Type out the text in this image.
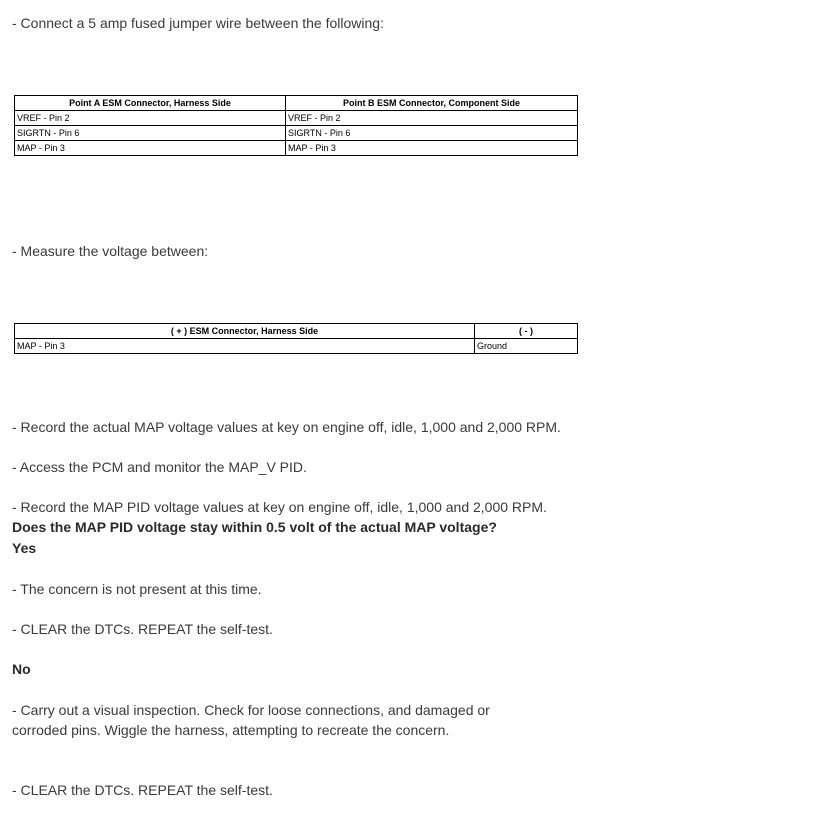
- Connect a 5 amp fused jumper wire between the following:
Point A ESM Connector, Harness Side	Point B ESM Connector, Component Side
VREF - Pin 2	VREF - Pin 2
SIGRTN - Pin 6	SIGRTN - Pin 6
MAP - Pin 3	MAP - Pin 3
- Measure the voltage between:
( + ) ESM Connector, Harness Side	( - )
MAP - Pin 3	Ground
- Record the actual MAP voltage values at key on engine off, idle, 1,000 and 2,000 RPM.
- Access the PCM and monitor the MAP_V PID.
- Record the MAP PID voltage values at key on engine off, idle, 1,000 and 2,000 RPM.
Does the MAP PID voltage stay within 0.5 volt of the actual MAP voltage?
Yes
- The concern is not present at this time.
- CLEAR the DTCs. REPEAT the self-test.
No
- Carry out a visual inspection. Check for loose connections, and damaged or corroded pins. Wiggle the harness, attempting to recreate the concern.
- CLEAR the DTCs. REPEAT the self-test.
